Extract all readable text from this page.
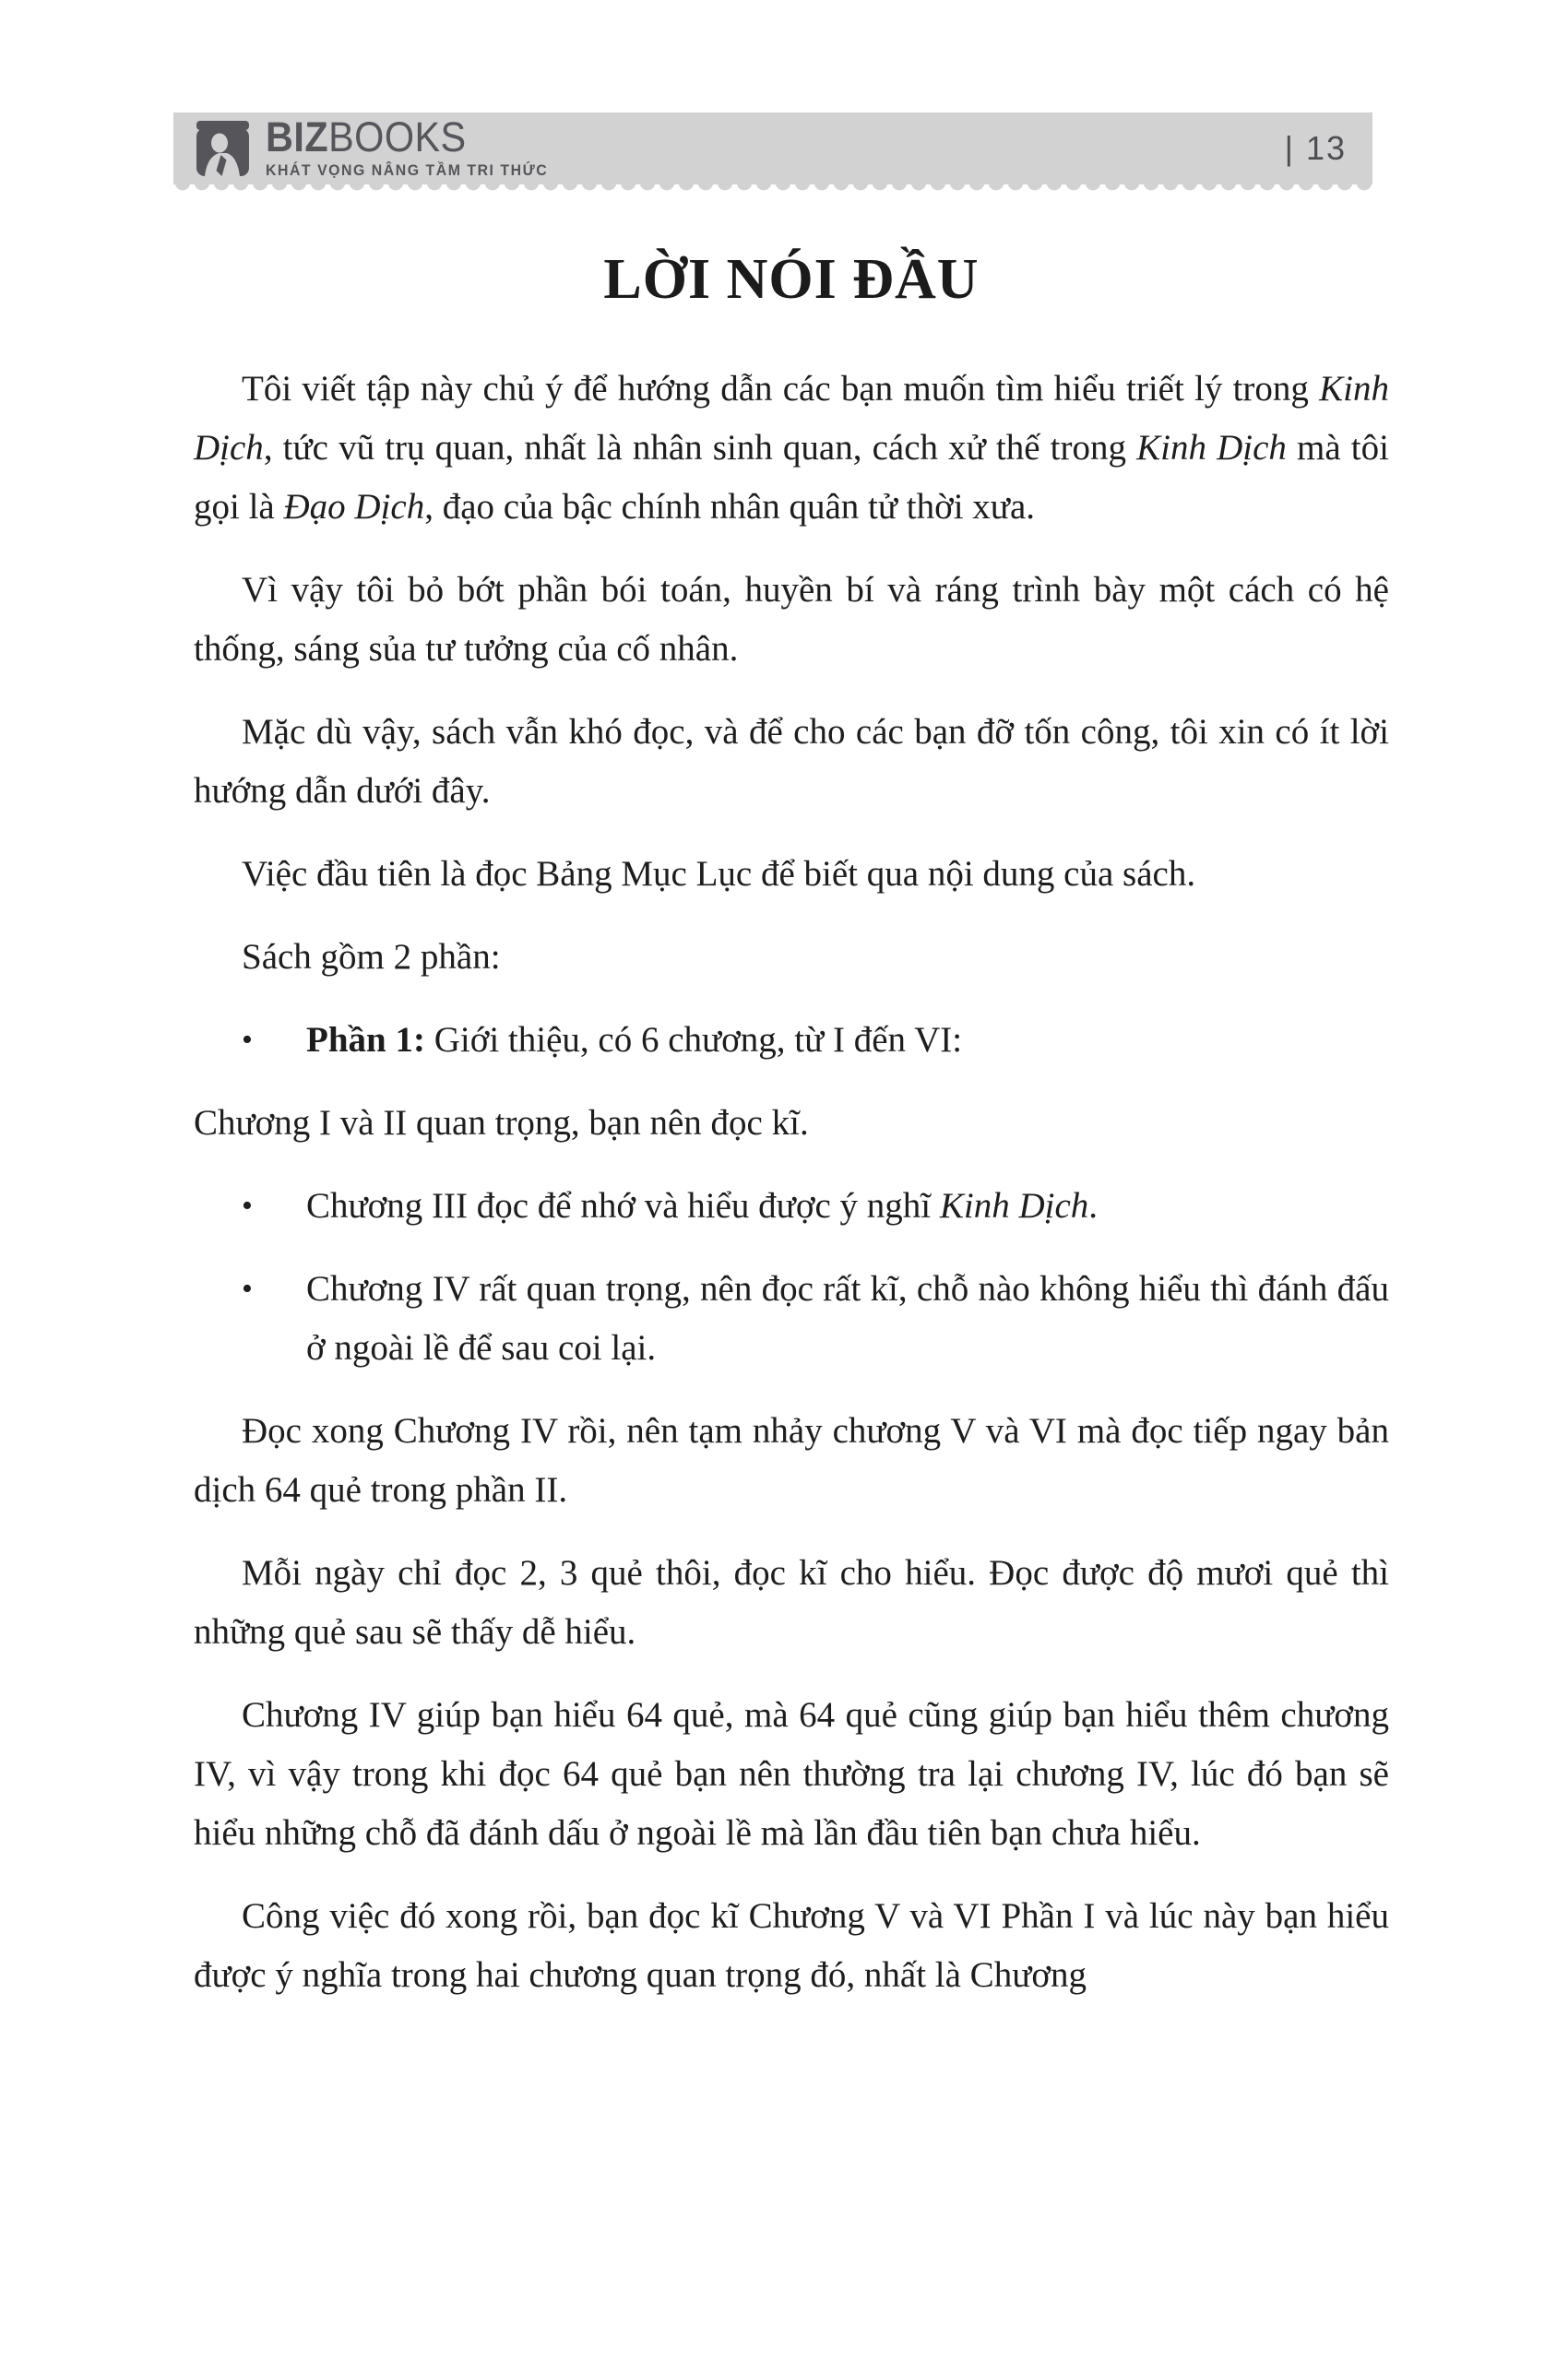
BIZBOOKS
KHÁT VỌNG NÂNG TẦM TRI THỨC
| 13
LỜI NÓI ĐẦU

Tôi viết tập này chủ ý để hướng dẫn các bạn muốn tìm hiểu triết lý trong Kinh Dịch, tức vũ trụ quan, nhất là nhân sinh quan, cách xử thế trong Kinh Dịch mà tôi gọi là Đạo Dịch, đạo của bậc chính nhân quân tử thời xưa.

Vì vậy tôi bỏ bớt phần bói toán, huyền bí và ráng trình bày một cách có hệ thống, sáng sủa tư tưởng của cố nhân.

Mặc dù vậy, sách vẫn khó đọc, và để cho các bạn đỡ tốn công, tôi xin có ít lời hướng dẫn dưới đây.

Việc đầu tiên là đọc Bảng Mục Lục để biết qua nội dung của sách.

Sách gồm 2 phần:

• Phần 1: Giới thiệu, có 6 chương, từ I đến VI:

Chương I và II quan trọng, bạn nên đọc kĩ.

• Chương III đọc để nhớ và hiểu được ý nghĩ Kinh Dịch.

• Chương IV rất quan trọng, nên đọc rất kĩ, chỗ nào không hiểu thì đánh đấu ở ngoài lề để sau coi lại.

Đọc xong Chương IV rồi, nên tạm nhảy chương V và VI mà đọc tiếp ngay bản dịch 64 quẻ trong phần II.

Mỗi ngày chỉ đọc 2, 3 quẻ thôi, đọc kĩ cho hiểu. Đọc được độ mươi quẻ thì những quẻ sau sẽ thấy dễ hiểu.

Chương IV giúp bạn hiểu 64 quẻ, mà 64 quẻ cũng giúp bạn hiểu thêm chương IV, vì vậy trong khi đọc 64 quẻ bạn nên thường tra lại chương IV, lúc đó bạn sẽ hiểu những chỗ đã đánh dấu ở ngoài lề mà lần đầu tiên bạn chưa hiểu.

Công việc đó xong rồi, bạn đọc kĩ Chương V và VI Phần I và lúc này bạn hiểu được ý nghĩa trong hai chương quan trọng đó, nhất là Chương
